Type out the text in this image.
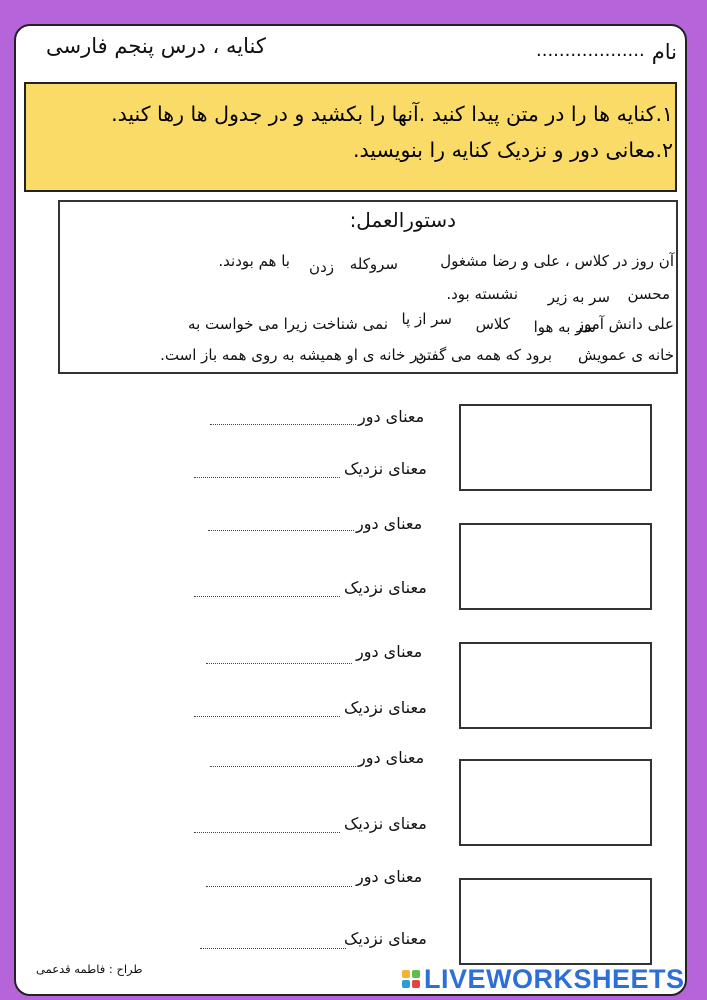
کنایه ، درس پنجم فارسی	................... نام
۱.کنایه ها را در متن پیدا کنید .آنها را بکشید و در جدول ها رها کنید.
۲.معانی دور و نزدیک کنایه را بنویسید.
دستورالعمل:
آن روز در کلاس ، علی و رضا مشغول
سروکله
زدن
با هم بودند.
محسن
سر به زیر
نشسته بود.
علی دانش آموز
سر به هوا
کلاس
سر از پا
نمی شناخت زیرا می خواست به
خانه ی عمویش
برود که همه می گفتن
در خانه ی او همیشه به روی همه باز است.
معنای دور
معنای نزدیک
معنای دور
معنای نزدیک
معنای دور
معنای نزدیک
معنای دور
معنای نزدیک
معنای دور
معنای نزدیک
طراح : فاطمه قدعمی	LIVEWORKSHEETS
